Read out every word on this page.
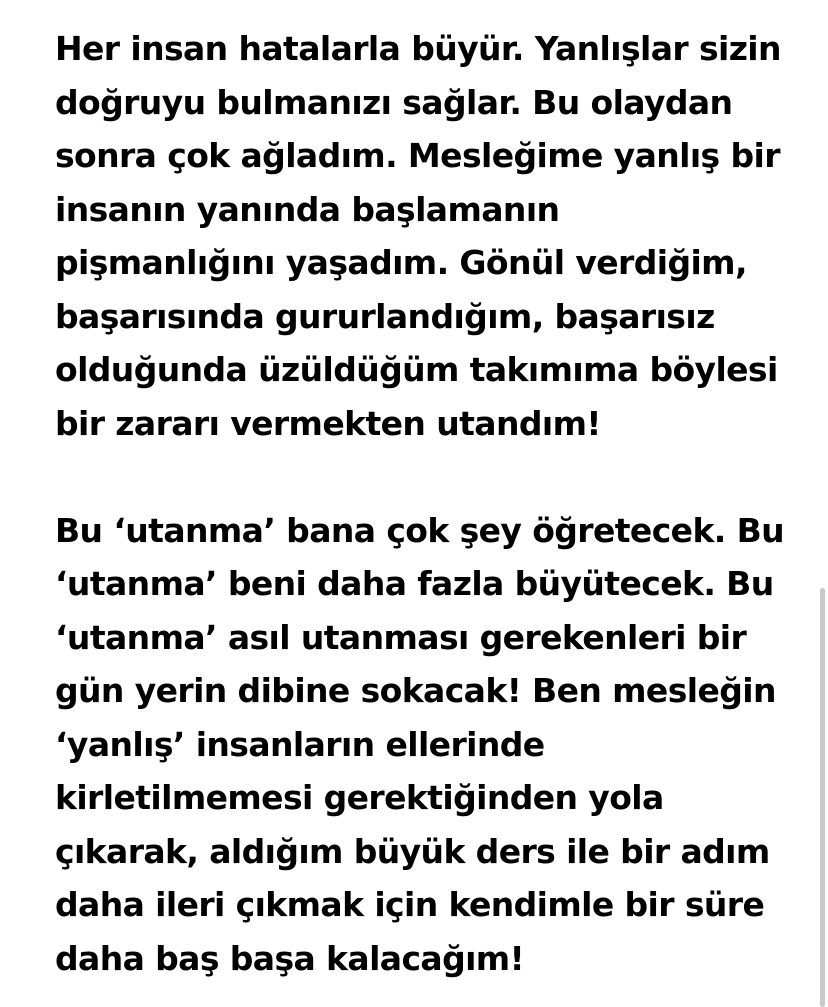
Her insan hatalarla büyür. Yanlışlar sizin
doğruyu bulmanızı sağlar. Bu olaydan
sonra çok ağladım. Mesleğime yanlış bir
insanın yanında başlamanın
pişmanlığını yaşadım. Gönül verdiğim,
başarısında gururlandığım, başarısız
olduğunda üzüldüğüm takımıma böylesi
bir zararı vermekten utandım!
Bu ‘utanma’ bana çok şey öğretecek. Bu
‘utanma’ beni daha fazla büyütecek. Bu
‘utanma’ asıl utanması gerekenleri bir
gün yerin dibine sokacak! Ben mesleğin
‘yanlış’ insanların ellerinde
kirletilmemesi gerektiğinden yola
çıkarak, aldığım büyük ders ile bir adım
daha ileri çıkmak için kendimle bir süre
daha baş başa kalacağım!
